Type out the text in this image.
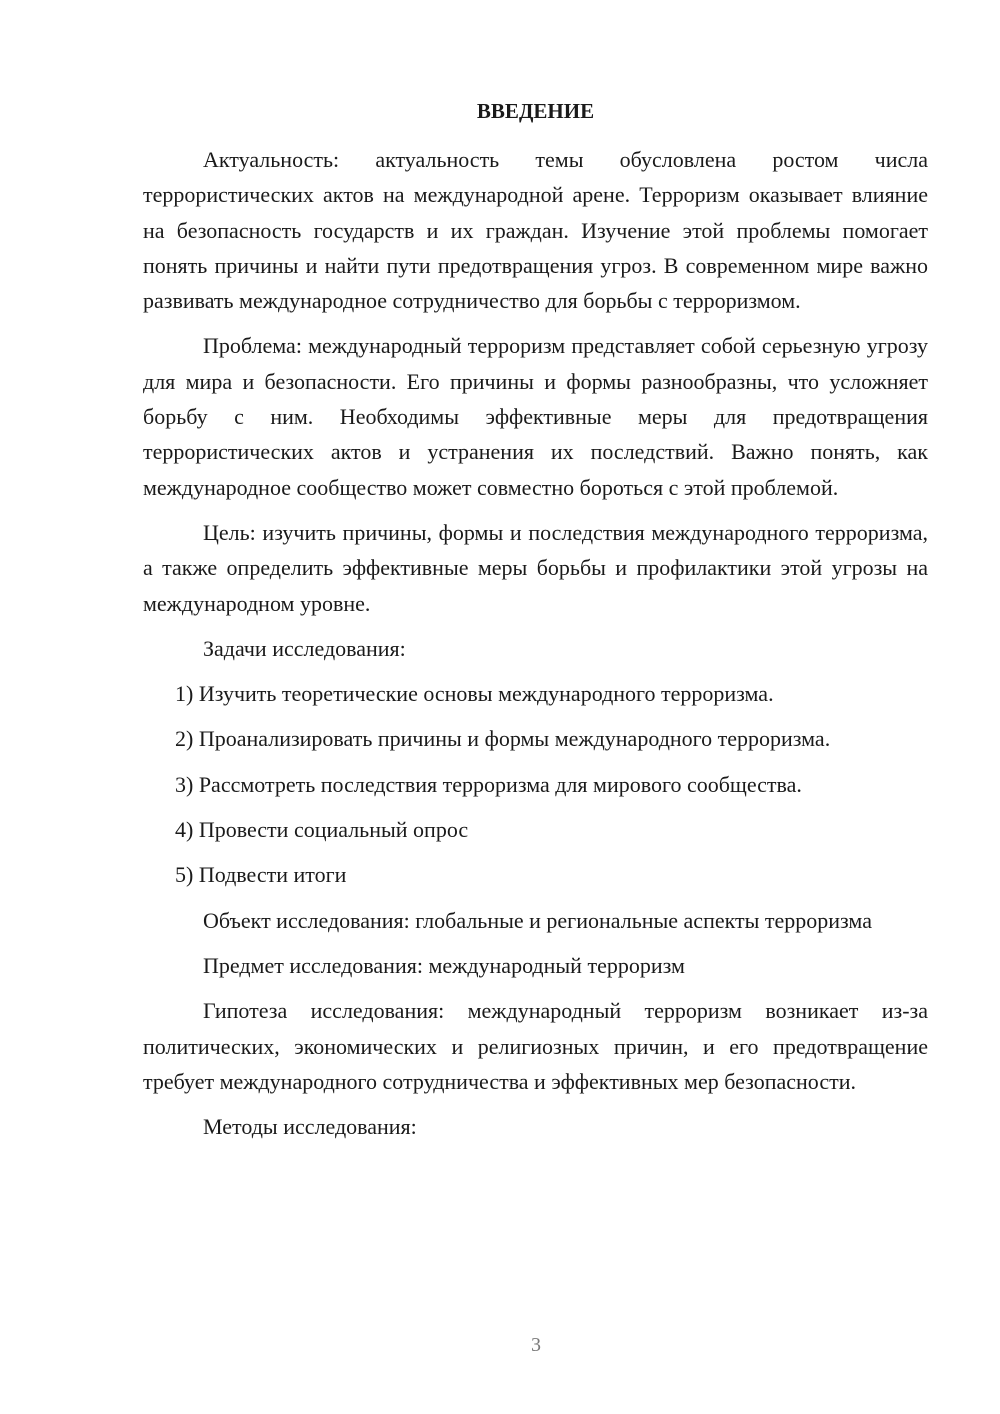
ВВЕДЕНИЕ

Актуальность: актуальность темы обусловлена ростом числа террористических актов на международной арене. Терроризм оказывает влияние на безопасность государств и их граждан. Изучение этой проблемы помогает понять причины и найти пути предотвращения угроз. В современном мире важно развивать международное сотрудничество для борьбы с терроризмом.

Проблема: международный терроризм представляет собой серьезную угрозу для мира и безопасности. Его причины и формы разнообразны, что усложняет борьбу с ним. Необходимы эффективные меры для предотвращения террористических актов и устранения их последствий. Важно понять, как международное сообщество может совместно бороться с этой проблемой.

Цель: изучить причины, формы и последствия международного терроризма, а также определить эффективные меры борьбы и профилактики этой угрозы на международном уровне.

Задачи исследования:

1) Изучить теоретические основы международного терроризма.

2) Проанализировать причины и формы международного терроризма.

3) Рассмотреть последствия терроризма для мирового сообщества.

4) Провести социальный опрос

5) Подвести итоги

Объект исследования: глобальные и региональные аспекты терроризма

Предмет исследования: международный терроризм

Гипотеза исследования: международный терроризм возникает из-за политических, экономических и религиозных причин, и его предотвращение требует международного сотрудничества и эффективных мер безопасности.

Методы исследования:

3
